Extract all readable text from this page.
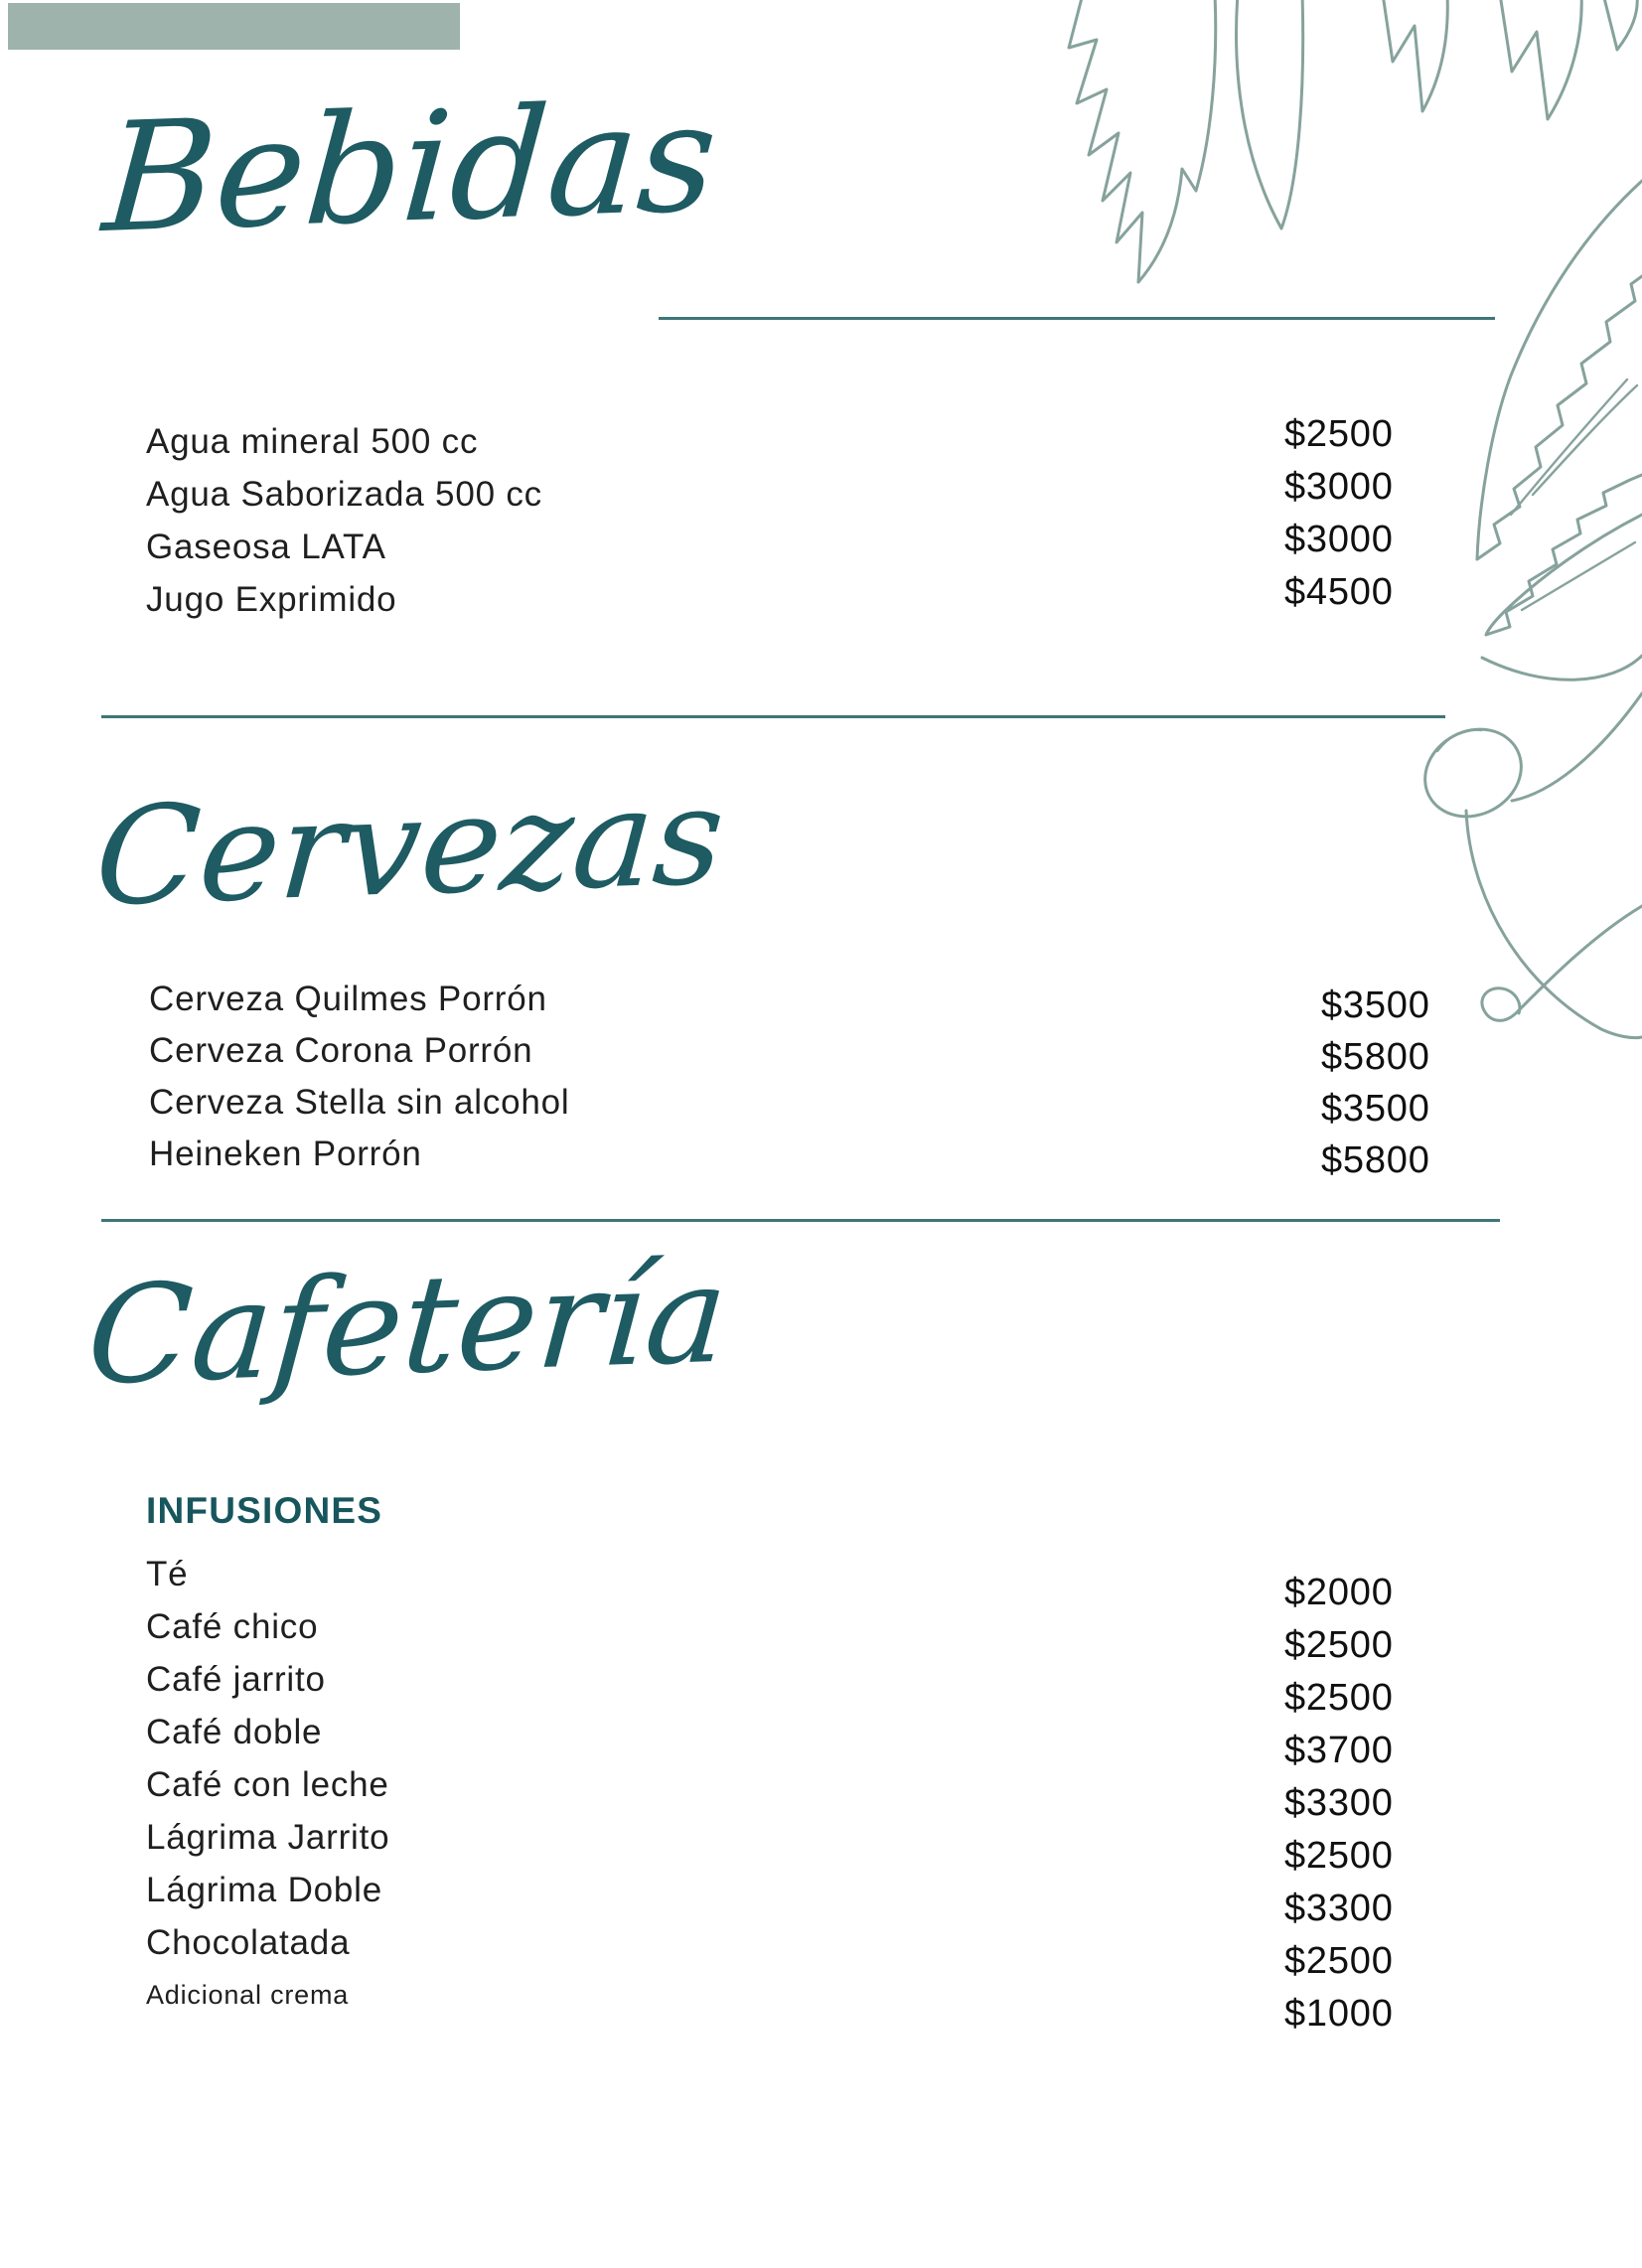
Bebidas
Agua mineral 500 cc
Agua Saborizada 500 cc
Gaseosa LATA
Jugo Exprimido
$2500
$3000
$3000
$4500
Cervezas
Cerveza Quilmes Porrón
Cerveza Corona Porrón
Cerveza Stella sin alcohol
Heineken Porrón
$3500
$5800
$3500
$5800
Cafetería
INFUSIONES
Té
Café chico
Café jarrito
Café doble
Café con leche
Lágrima Jarrito
Lágrima Doble
Chocolatada
Adicional crema
$2000
$2500
$2500
$3700
$3300
$2500
$3300
$2500
$1000
